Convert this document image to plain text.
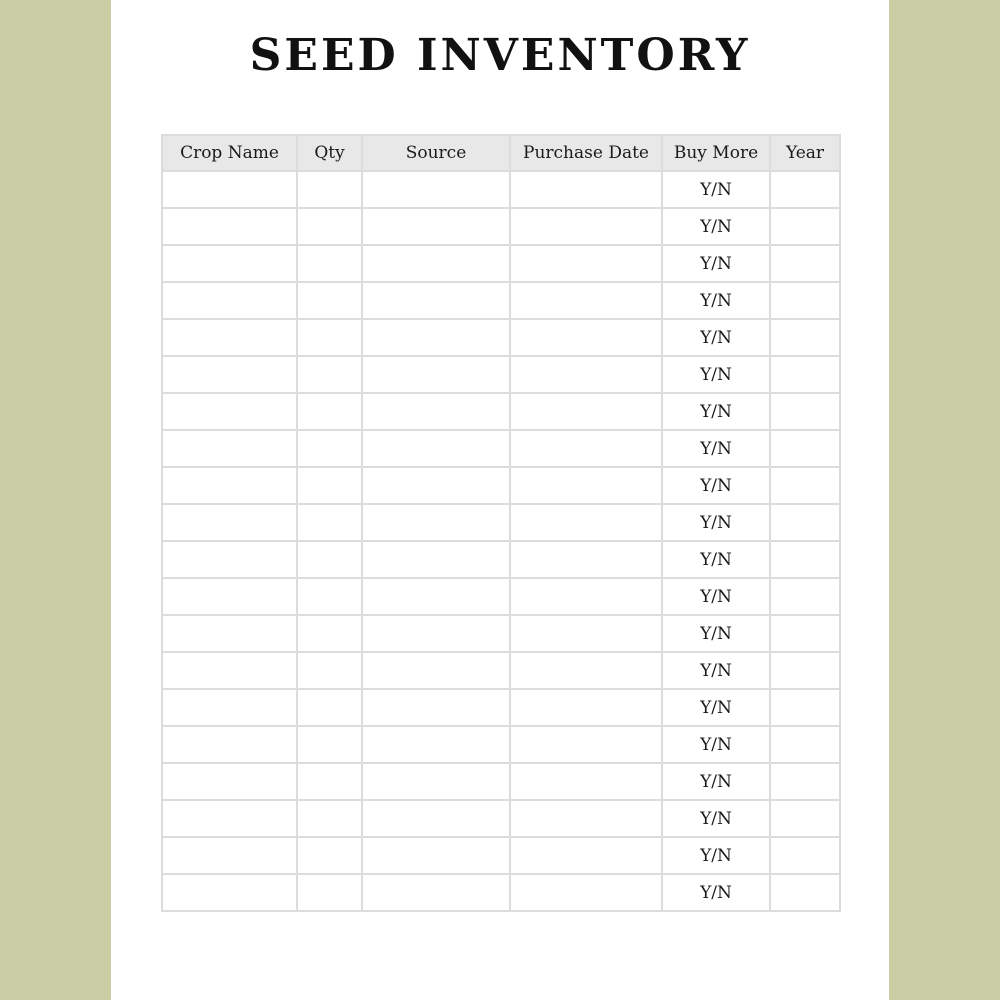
SEED INVENTORY
Crop Name	Qty	Source	Purchase Date	Buy More	Year
				Y/N	
				Y/N	
				Y/N	
				Y/N	
				Y/N	
				Y/N	
				Y/N	
				Y/N	
				Y/N	
				Y/N	
				Y/N	
				Y/N	
				Y/N	
				Y/N	
				Y/N	
				Y/N	
				Y/N	
				Y/N	
				Y/N	
				Y/N	
